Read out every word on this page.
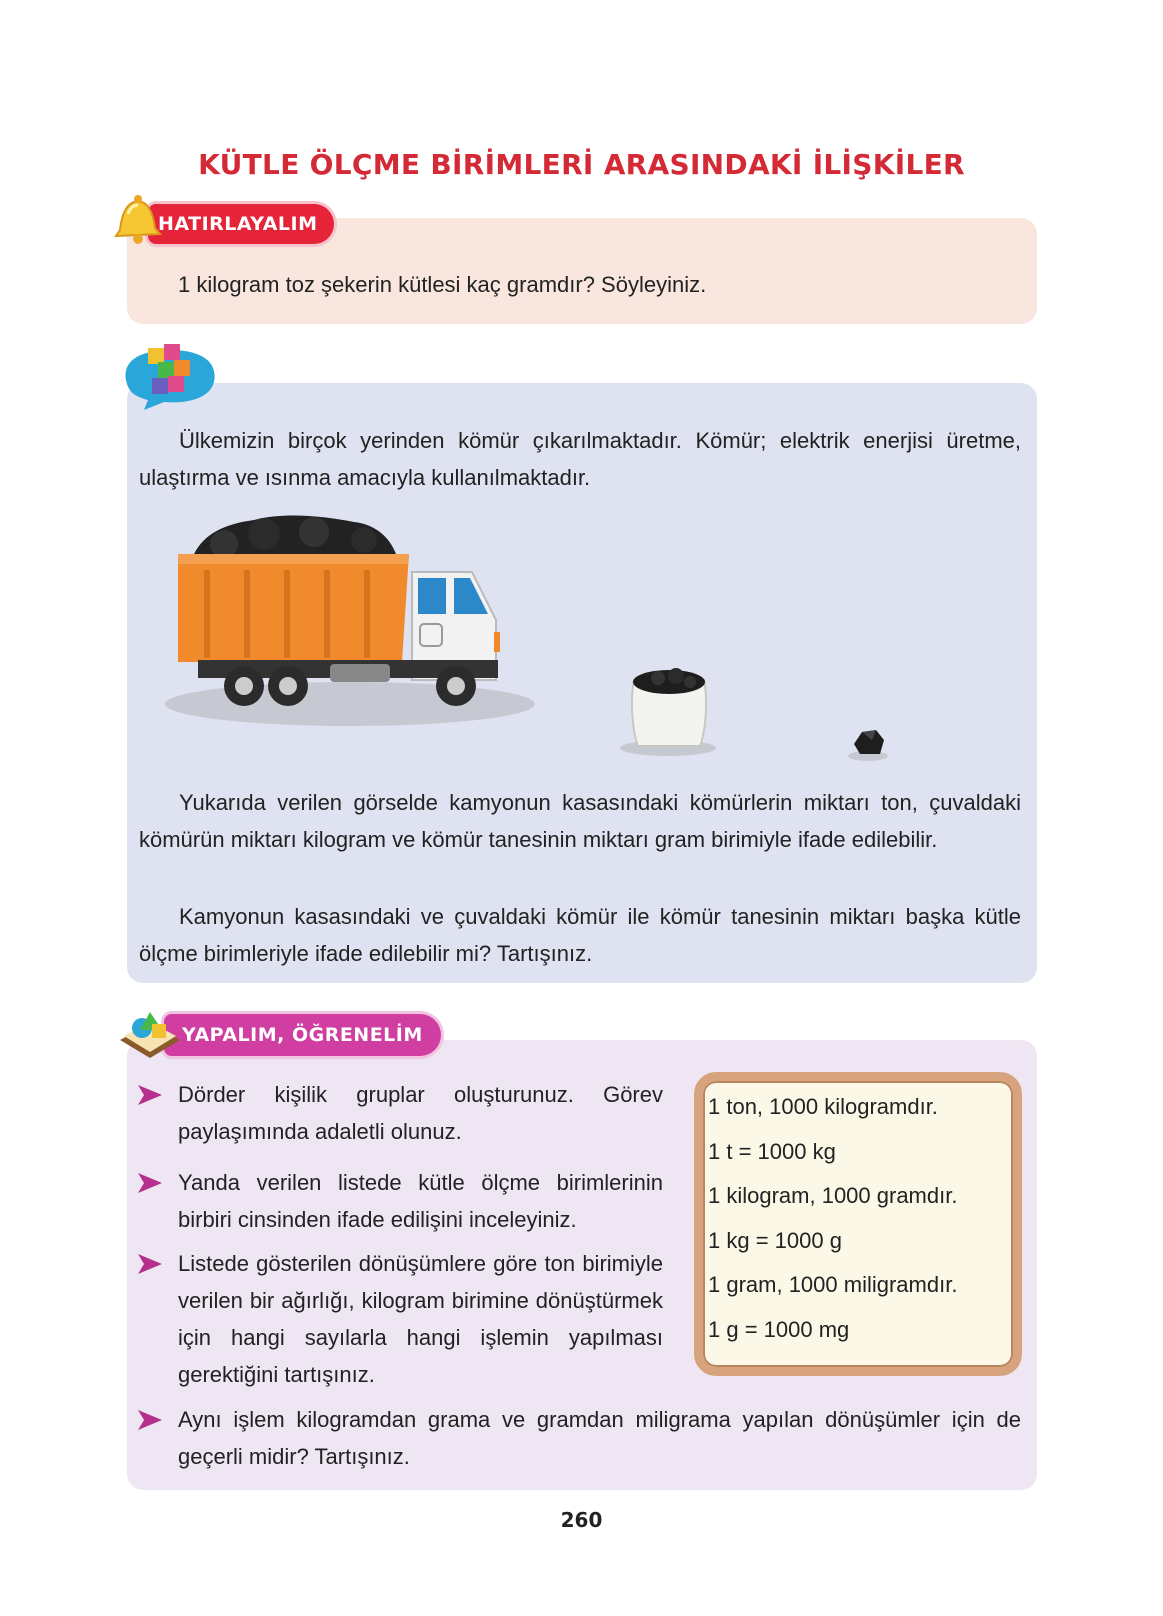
KÜTLE ÖLÇME BİRİMLERİ ARASINDAKİ İLİŞKİLER
HATIRLAYALIM
1 kilogram toz şekerin kütlesi kaç gramdır? Söyleyiniz.
Ülkemizin birçok yerinden kömür çıkarılmaktadır. Kömür; elektrik enerjisi üretme, ulaştırma ve ısınma amacıyla kullanılmaktadır.
Yukarıda verilen görselde kamyonun kasasındaki kömürlerin miktarı ton, çuvaldaki kömürün miktarı kilogram ve kömür tanesinin miktarı gram birimiyle ifade edilebilir.
Kamyonun kasasındaki ve çuvaldaki kömür ile kömür tanesinin miktarı başka kütle ölçme birimleriyle ifade edilebilir mi? Tartışınız.
YAPALIM, ÖĞRENELİM
Dörder kişilik gruplar oluşturunuz. Görev paylaşımında adaletli olunuz.
Yanda verilen listede kütle ölçme birimlerinin birbiri cinsinden ifade edilişini inceleyiniz.
Listede gösterilen dönüşümlere göre ton birimiyle verilen bir ağırlığı, kilogram birimine dönüştürmek için hangi sayılarla hangi işlemin yapılması gerektiğini tartışınız.
Aynı işlem kilogramdan grama ve gramdan miligrama yapılan dönüşümler için de geçerli midir? Tartışınız.
1 ton, 1000 kilogramdır.
1 t = 1000 kg
1 kilogram, 1000 gramdır.
1 kg = 1000 g
1 gram, 1000 miligramdır.
1 g = 1000 mg
260
